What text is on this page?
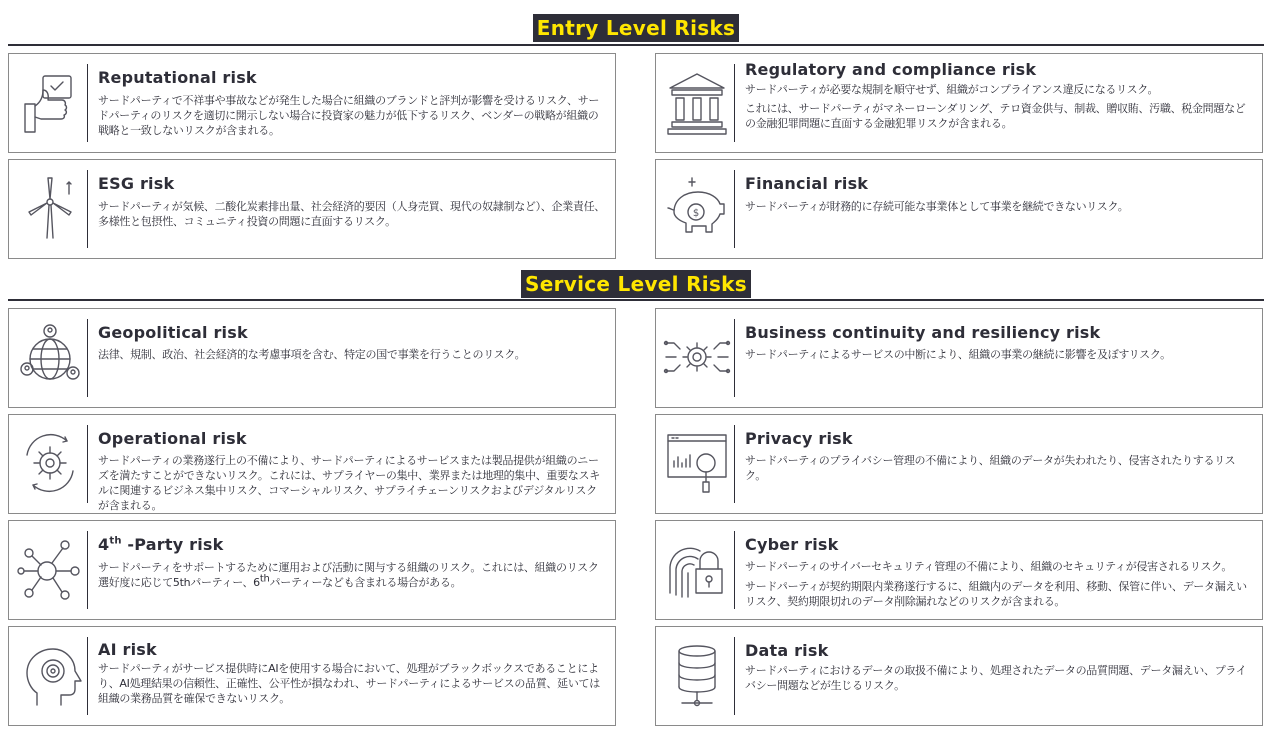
Entry Level Risks
Reputational risk
サードパーティで不祥事や事故などが発生した場合に組織のブランドと評判が影響を受けるリスク、サードパーティのリスクを適切に開示しない場合に投資家の魅力が低下するリスク、ベンダーの戦略が組織の戦略と一致しないリスクが含まれる。
Regulatory and compliance risk
サードパーティが必要な規制を順守せず、組織がコンプライアンス違反になるリスク。
これには、サードパーティがマネーローンダリング、テロ資金供与、制裁、贈収賄、汚職、税金問題などの金融犯罪問題に直面する金融犯罪リスクが含まれる。
ESG risk
サードパーティが気候、二酸化炭素排出量、社会経済的要因（人身売買、現代の奴隷制など）、企業責任、多様性と包摂性、コミュニティ投資の問題に直面するリスク。
$
Financial risk
サードパーティが財務的に存続可能な事業体として事業を継続できないリスク。
Service Level Risks
Geopolitical risk
法律、規制、政治、社会経済的な考慮事項を含む、特定の国で事業を行うことのリスク。
Business continuity and resiliency risk
サードパーティによるサービスの中断により、組織の事業の継続に影響を及ぼすリスク。
Operational risk
サードパーティの業務遂行上の不備により、サードパーティによるサービスまたは製品提供が組織のニーズを満たすことができないリスク。これには、サプライヤーの集中、業界または地理的集中、重要なスキルに関連するビジネス集中リスク、コマーシャルリスク、サプライチェーンリスクおよびデジタルリスクが含まれる。
Privacy risk
サードパーティのプライバシー管理の不備により、組織のデータが失われたり、侵害されたりするリスク。
4th -Party risk
サードパーティをサポートするために運用および活動に関与する組織のリスク。これには、組織のリスク選好度に応じて5thパーティー、6thパーティーなども含まれる場合がある。
Cyber risk
サードパーティのサイバーセキュリティ管理の不備により、組織のセキュリティが侵害されるリスク。
サードパーティが契約期限内業務遂行するに、組織内のデータを利用、移動、保管に伴い、データ漏えいリスク、契約期限切れのデータ削除漏れなどのリスクが含まれる。
AI risk
サードパーティがサービス提供時にAIを使用する場合において、処理がブラックボックスであることにより、AI処理結果の信頼性、正確性、公平性が損なわれ、サードパーティによるサービスの品質、延いては組織の業務品質を確保できないリスク。
Data risk
サードパーティにおけるデータの取扱不備により、処理されたデータの品質問題、データ漏えい、プライバシー問題などが生じるリスク。
